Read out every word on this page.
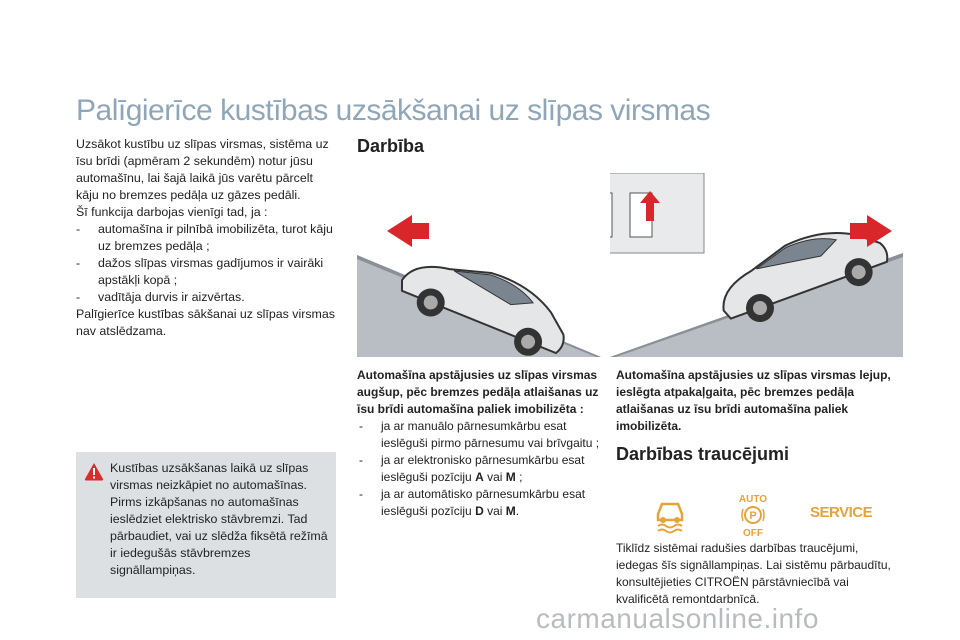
Palīgierīce kustības uzsākšanai uz slīpas virsmas

Uzsākot kustību uz slīpas virsmas, sistēma uz īsu brīdi (apmēram 2 sekundēm) notur jūsu automašīnu, lai šajā laikā jūs varētu pārcelt kāju no bremzes pedāļa uz gāzes pedāli.

Šī funkcija darbojas vienīgi tad, ja :

- automašīna ir pilnībā imobilizēta, turot kāju uz bremzes pedāļa ;
- dažos slīpas virsmas gadījumos ir vairāki apstākļi kopā ;
- vadītāja durvis ir aizvērtas.

Palīgierīce kustības sākšanai uz slīpas virsmas nav atslēdzama.

Kustības uzsākšanas laikā uz slīpas virsmas neizkāpiet no automašīnas. Pirms izkāpšanas no automašīnas ieslēdziet elektrisko stāvbremzi. Tad pārbaudiet, vai uz slēdža fiksētā režīmā ir iedegušās stāvbremzes signāllampiņas.

Darbība
Automašīna apstājusies uz slīpas virsmas augšup, pēc bremzes pedāļa atlaišanas uz īsu brīdi automašīna paliek imobilizēta :
- ja ar manuālo pārnesumkārbu esat ieslēguši pirmo pārnesumu vai brīvgaitu ;
- ja ar elektronisko pārnesumkārbu esat ieslēguši pozīciju A vai M ;
- ja ar automātisko pārnesumkārbu esat ieslēguši pozīciju D vai M.

Automašīna apstājusies uz slīpas virsmas lejup, ieslēgta atpakaļgaita, pēc bremzes pedāļa atlaišanas uz īsu brīdi automašīna paliek imobilizēta.

Darbības traucējumi
AUTO
P
OFF
SERVICE

Tiklīdz sistēmai radušies darbības traucējumi, iedegas šīs signāllampiņas. Lai sistēmu pārbaudītu, konsultējieties CITROËN pārstāvniecībā vai kvalificētā remontdarbnīcā.

carmanualsonline.info
